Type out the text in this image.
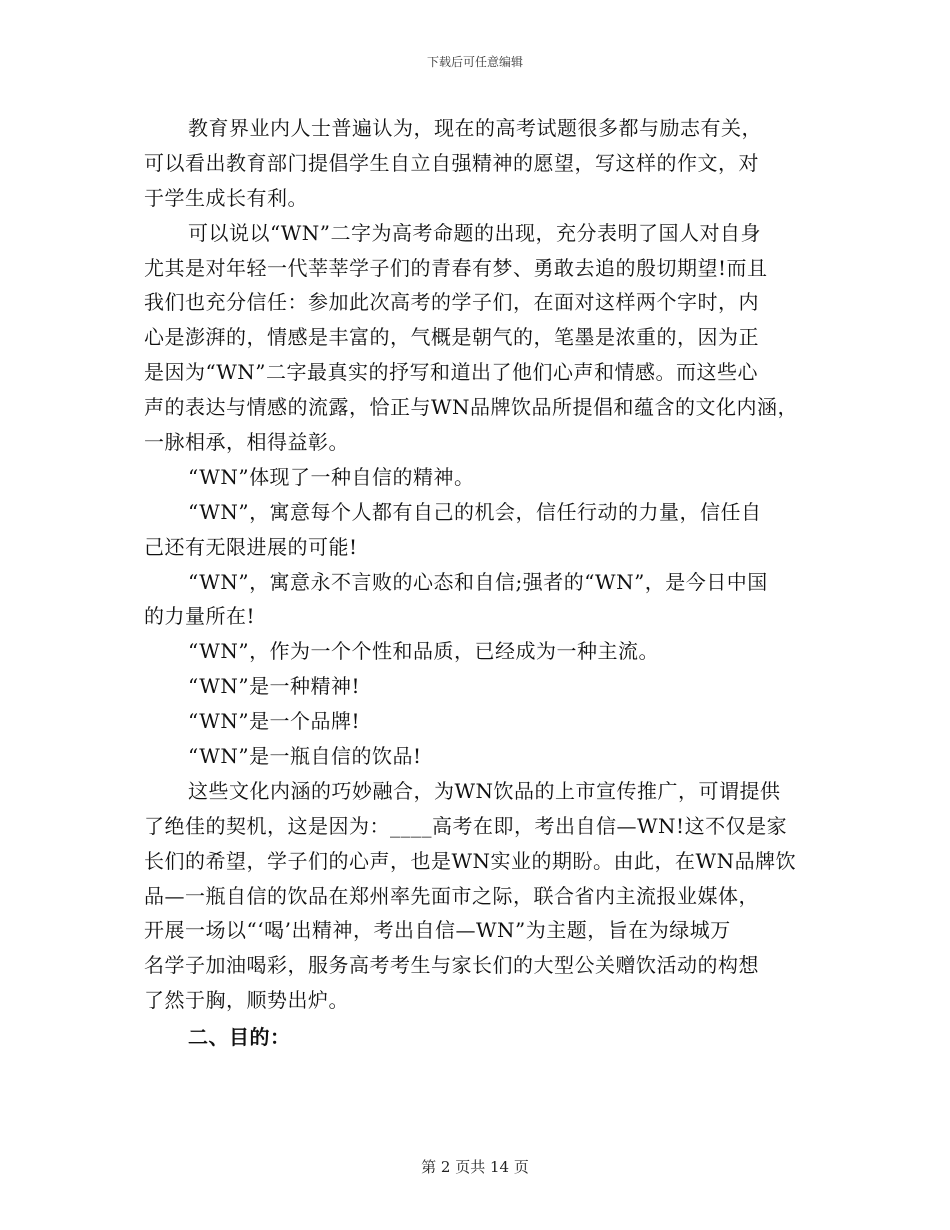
下载后可任意编辑
教育界业内人士普遍认为，现在的高考试题很多都与励志有关，
可以看出教育部门提倡学生自立自强精神的愿望，写这样的作文，对
于学生成长有利。
可以说以“WN”二字为高考命题的出现，充分表明了国人对自身
尤其是对年轻一代莘莘学子们的青春有梦、勇敢去追的殷切期望!而且
我们也充分信任：参加此次高考的学子们，在面对这样两个字时，内
心是澎湃的，情感是丰富的，气概是朝气的，笔墨是浓重的，因为正
是因为“WN”二字最真实的抒写和道出了他们心声和情感。而这些心
声的表达与情感的流露，恰正与WN品牌饮品所提倡和蕴含的文化内涵，
一脉相承，相得益彰。
“WN”体现了一种自信的精神。
“WN”，寓意每个人都有自己的机会，信任行动的力量，信任自
己还有无限进展的可能!
“WN”，寓意永不言败的心态和自信;强者的“WN”，是今日中国
的力量所在!
“WN”，作为一个个性和品质，已经成为一种主流。
“WN”是一种精神!
“WN”是一个品牌!
“WN”是一瓶自信的饮品!
这些文化内涵的巧妙融合，为WN饮品的上市宣传推广，可谓提供
了绝佳的契机，这是因为：____高考在即，考出自信—WN!这不仅是家
长们的希望，学子们的心声，也是WN实业的期盼。由此，在WN品牌饮
品—一瓶自信的饮品在郑州率先面市之际，联合省内主流报业媒体，
开展一场以“‘喝’出精神，考出自信—WN”为主题，旨在为绿城万
名学子加油喝彩，服务高考考生与家长们的大型公关赠饮活动的构想
了然于胸，顺势出炉。
二、目的：
第 2 页共 14 页
